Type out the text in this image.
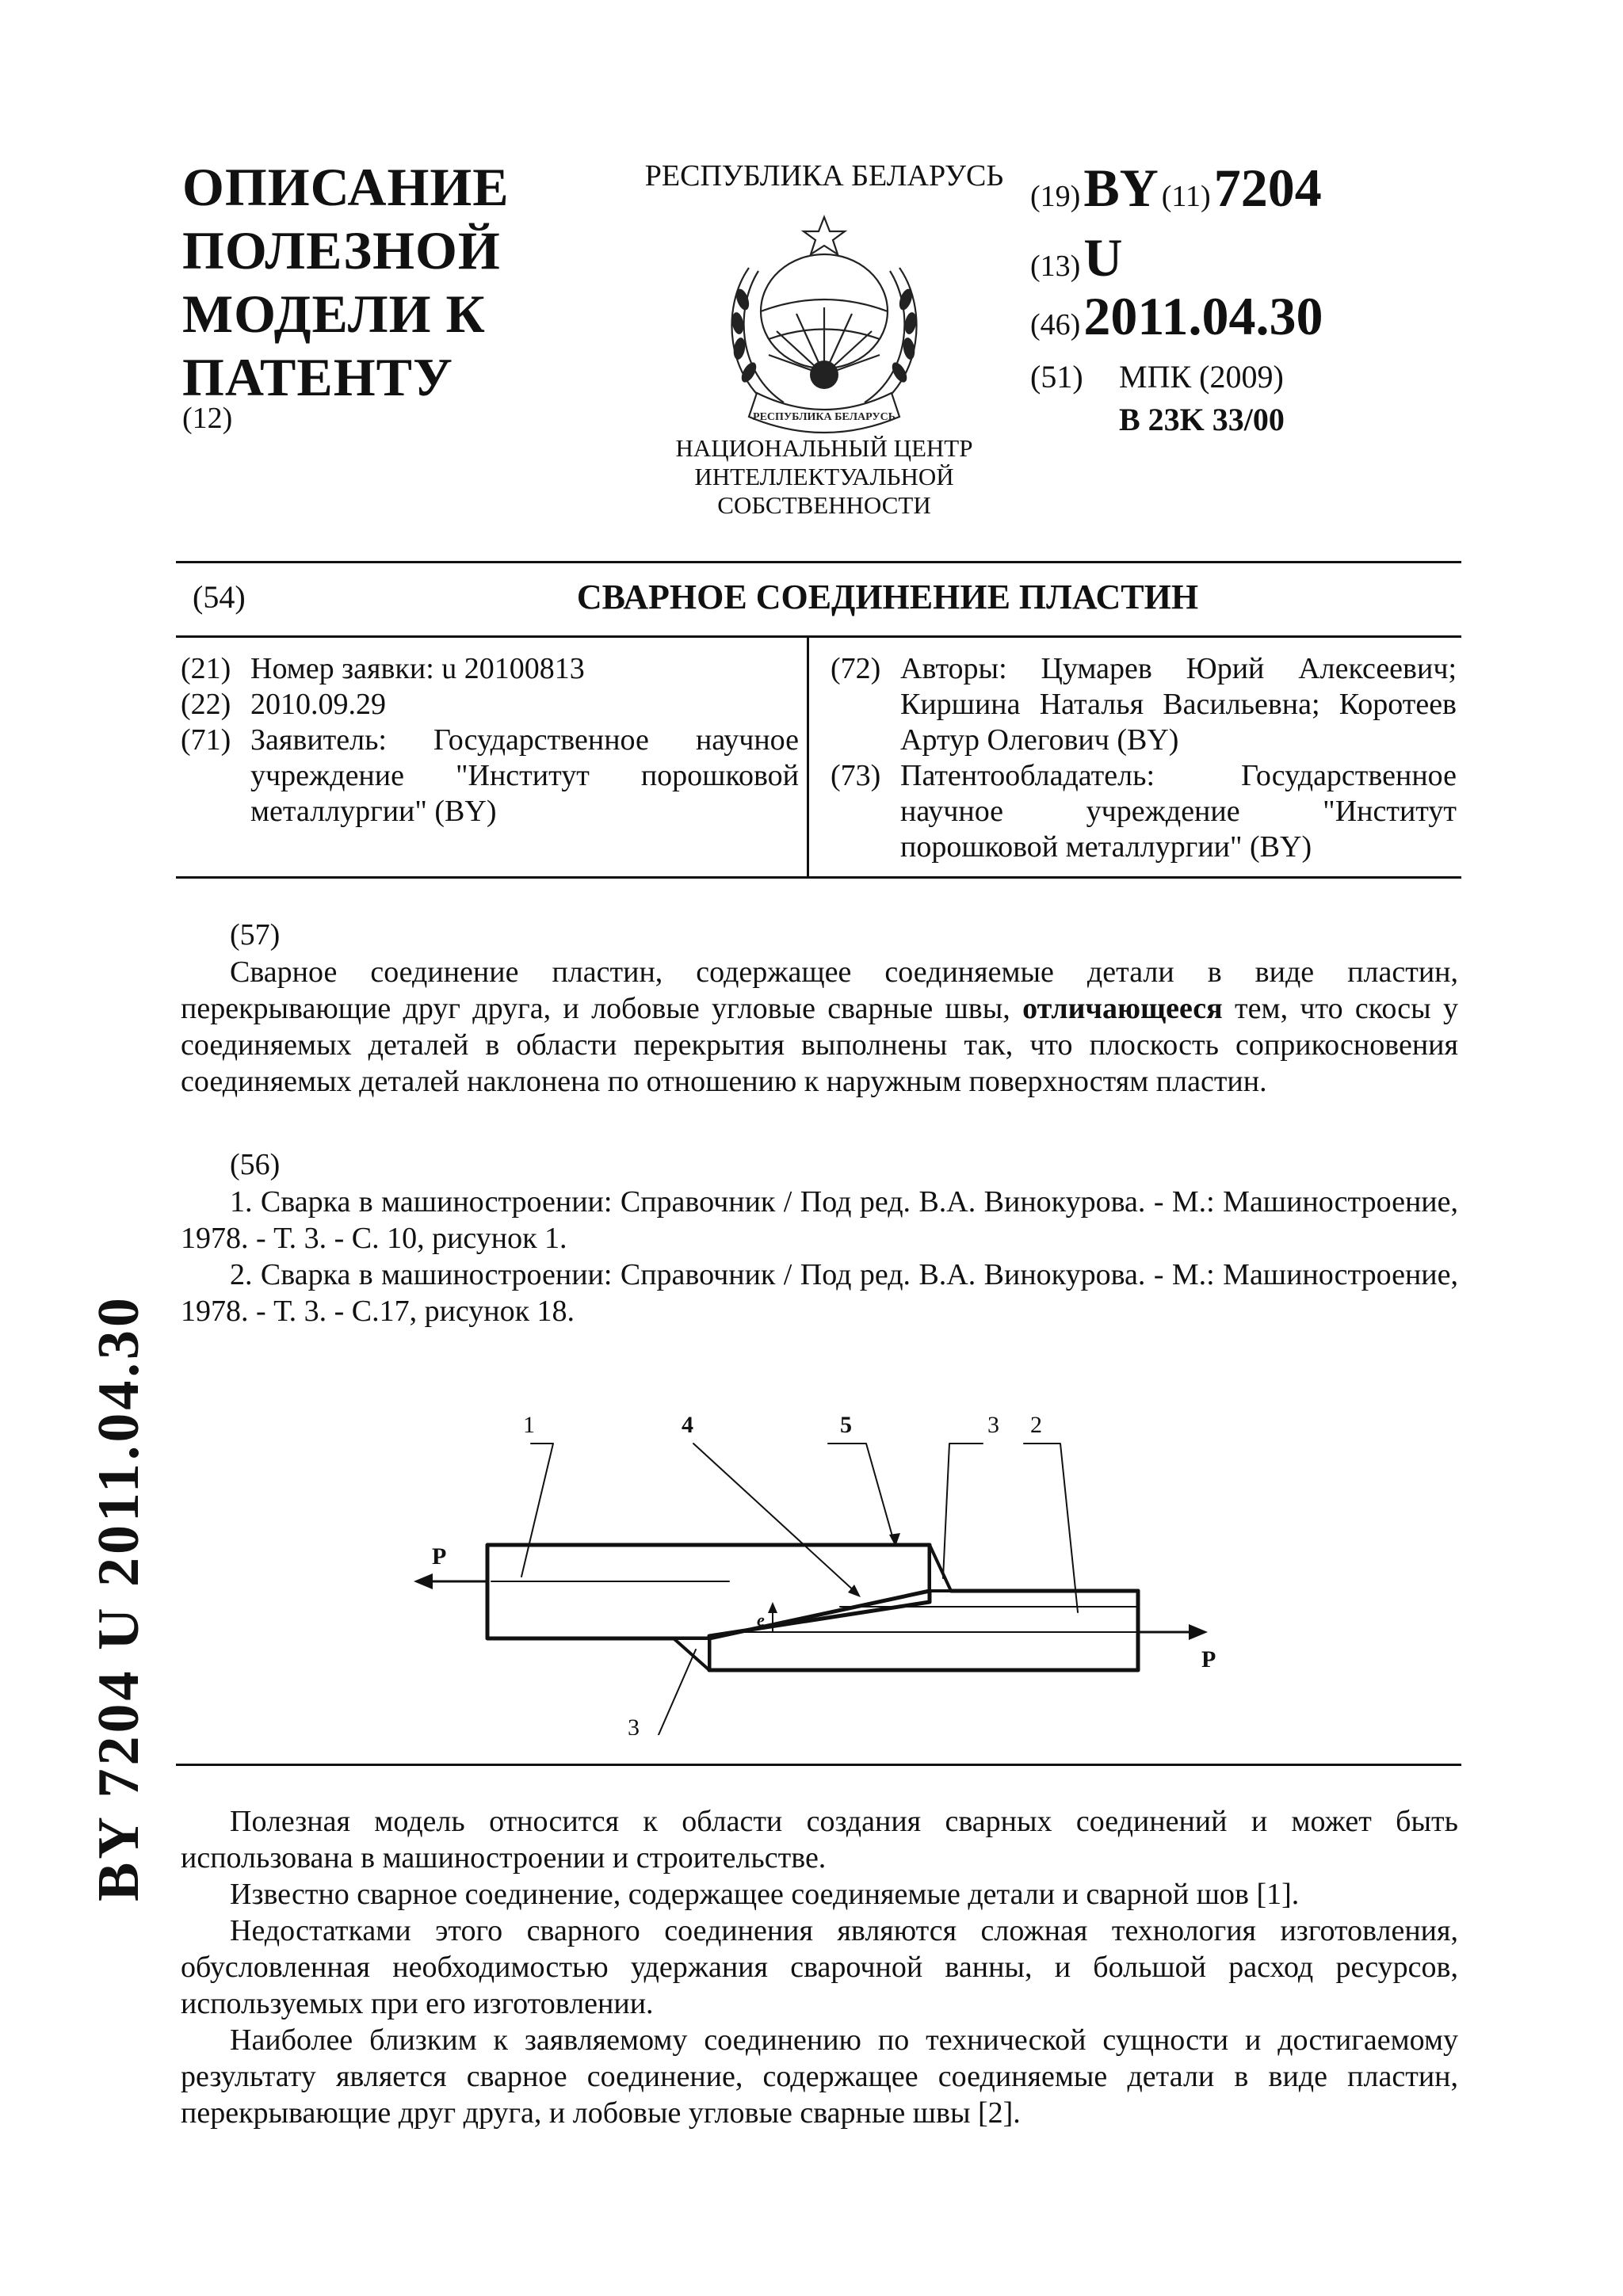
ОПИСАНИЕ
ПОЛЕЗНОЙ
МОДЕЛИ К
ПАТЕНТУ
(12)
РЕСПУБЛИКА БЕЛАРУСЬ
РЕСПУБЛИКА БЕЛАРУСЬ
НАЦИОНАЛЬНЫЙ ЦЕНТР
ИНТЕЛЛЕКТУАЛЬНОЙ
СОБСТВЕННОСТИ
(19) BY (11) 7204
(13) U
(46) 2011.04.30
(51) МПК (2009)
B 23K 33/00
(54)	СВАРНОЕ СОЕДИНЕНИЕ ПЛАСТИН
(21) Номер заявки: u 20100813
(22) 2010.09.29
(71) Заявитель: Государственное научное учреждение "Институт порошковой металлургии" (BY)
(72) Авторы: Цумарев Юрий Алексеевич; Киршина Наталья Васильевна; Коротеев Артур Олегович (BY)
(73) Патентообладатель: Государственное научное учреждение "Институт порошковой металлургии" (BY)
(57)
Сварное соединение пластин, содержащее соединяемые детали в виде пластин, перекрывающие друг друга, и лобовые угловые сварные швы, отличающееся тем, что скосы у соединяемых деталей в области перекрытия выполнены так, что плоскость соприкосновения соединяемых деталей наклонена по отношению к наружным поверхностям пластин.
(56)
1. Сварка в машиностроении: Справочник / Под ред. В.А. Винокурова. - М.: Машиностроение, 1978. - Т. 3. - С. 10, рисунок 1.
2. Сварка в машиностроении: Справочник / Под ред. В.А. Винокурова. - М.: Машиностроение, 1978. - Т. 3. - С.17, рисунок 18.
1	4	5	3 2
3
P
P
e

Полезная модель относится к области создания сварных соединений и может быть использована в машиностроении и строительстве.

Известно сварное соединение, содержащее соединяемые детали и сварной шов [1].

Недостатками этого сварного соединения являются сложная технология изготовления, обусловленная необходимостью удержания сварочной ванны, и большой расход ресурсов, используемых при его изготовлении.

Наиболее близким к заявляемому соединению по технической сущности и достигаемому результату является сварное соединение, содержащее соединяемые детали в виде пластин, перекрывающие друг друга, и лобовые угловые сварные швы [2].

BY 7204 U 2011.04.30
